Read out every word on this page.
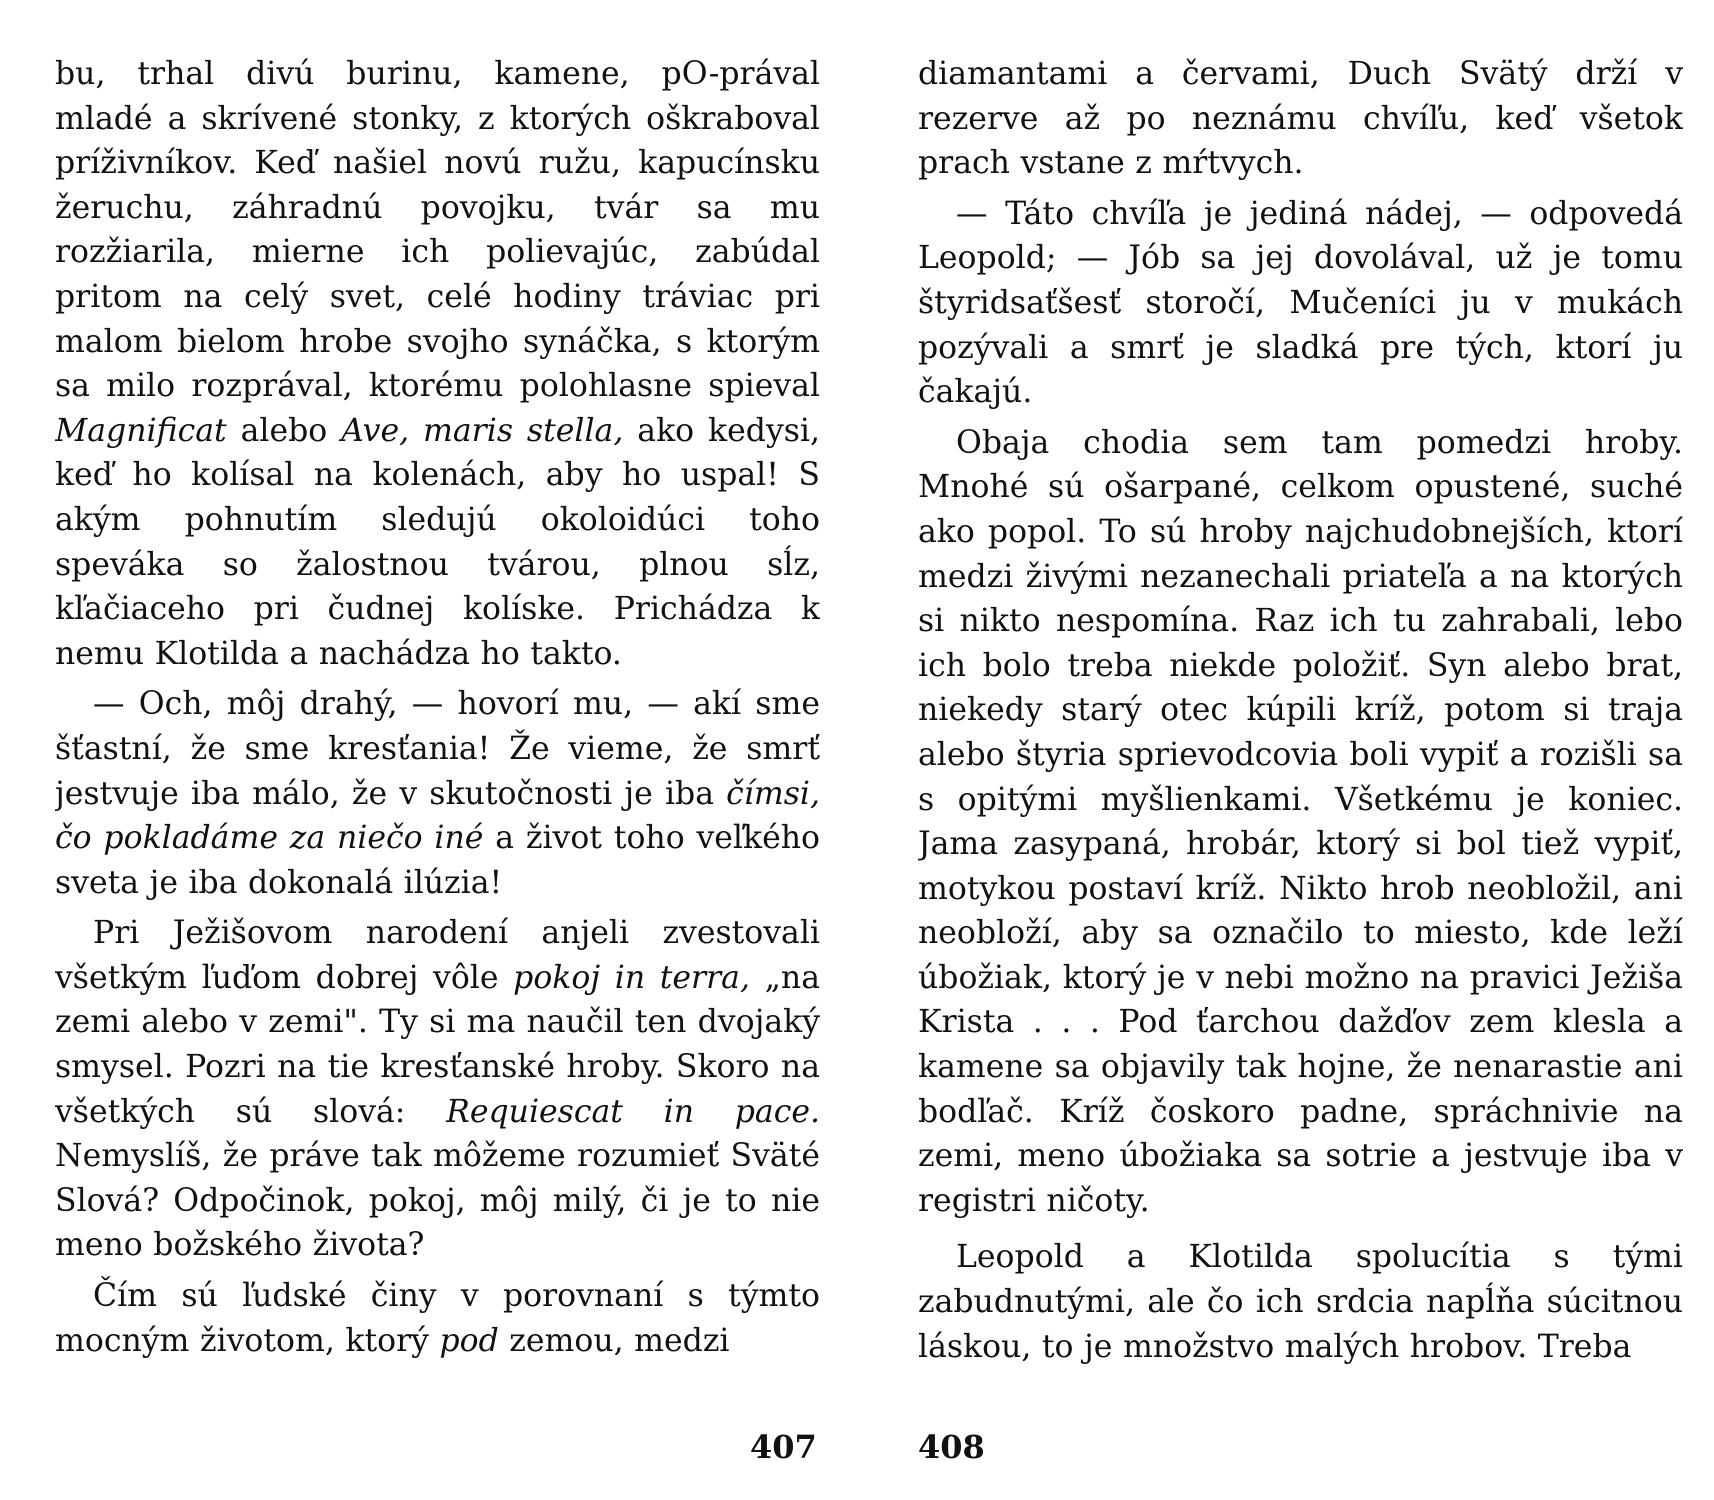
bu, trhal divú burinu, kamene, pO-prával mladé a skrívené stonky, z ktorých oškraboval príživníkov. Keď našiel novú ružu, kapucínsku žeruchu, záhradnú povojku, tvár sa mu rozžiarila, mierne ich polievajúc, zabúdal pritom na celý svet, celé hodiny tráviac pri malom bielom hrobe svojho synáčka, s ktorým sa milo rozprával, ktorému polohlasne spieval Magnificat alebo Ave, maris stella, ako kedysi, keď ho kolísal na kolenách, aby ho uspal! S akým pohnutím sledujú okoloidúci toho speváka so žalostnou tvárou, plnou sĺz, kľačiaceho pri čudnej kolíske. Prichádza k nemu Klotilda a nachádza ho takto.

— Och, môj drahý, — hovorí mu, — akí sme šťastní, že sme kresťania! Že vieme, že smrť jestvuje iba málo, že v skutočnosti je iba čímsi, čo pokladáme za niečo iné a život toho veľkého sveta je iba dokonalá ilúzia!

Pri Ježišovom narodení anjeli zvestovali všetkým ľuďom dobrej vôle pokoj in terra, „na zemi alebo v zemi". Ty si ma naučil ten dvojaký smysel. Pozri na tie kresťanské hroby. Skoro na všetkých sú slová: Requiescat in pace. Nemyslíš, že práve tak môžeme rozumieť Sväté Slová? Odpočinok, pokoj, môj milý, či je to nie meno božského života?

Čím sú ľudské činy v porovnaní s týmto mocným životom, ktorý pod zemou, medzi

diamantami a červami, Duch Svätý drží v rezerve až po neznámu chvíľu, keď všetok prach vstane z mŕtvych.

— Táto chvíľa je jediná nádej, — odpovedá Leopold; — Jób sa jej dovolával, už je tomu štyridsaťšesť storočí, Mučeníci ju v mukách pozývali a smrť je sladká pre tých, ktorí ju čakajú.

Obaja chodia sem tam pomedzi hroby. Mnohé sú ošarpané, celkom opustené, suché ako popol. To sú hroby najchudobnejších, ktorí medzi živými nezanechali priateľa a na ktorých si nikto nespomína. Raz ich tu zahrabali, lebo ich bolo treba niekde položiť. Syn alebo brat, niekedy starý otec kúpili kríž, potom si traja alebo štyria sprievodcovia boli vypiť a rozišli sa s opitými myšlienkami. Všetkému je koniec. Jama zasypaná, hrobár, ktorý si bol tiež vypiť, motykou postaví kríž. Nikto hrob neobložil, ani neobloží, aby sa označilo to miesto, kde leží úbožiak, ktorý je v nebi možno na pravici Ježiša Krista . . . Pod ťarchou dažďov zem klesla a kamene sa objavily tak hojne, že nenarastie ani bodľač. Kríž čoskoro padne, spráchnivie na zemi, meno úbožiaka sa sotrie a jestvuje iba v registri ničoty.

Leopold a Klotilda spolucítia s tými zabudnutými, ale čo ich srdcia napĺňa súcitnou láskou, to je množstvo malých hrobov. Treba

407	408
